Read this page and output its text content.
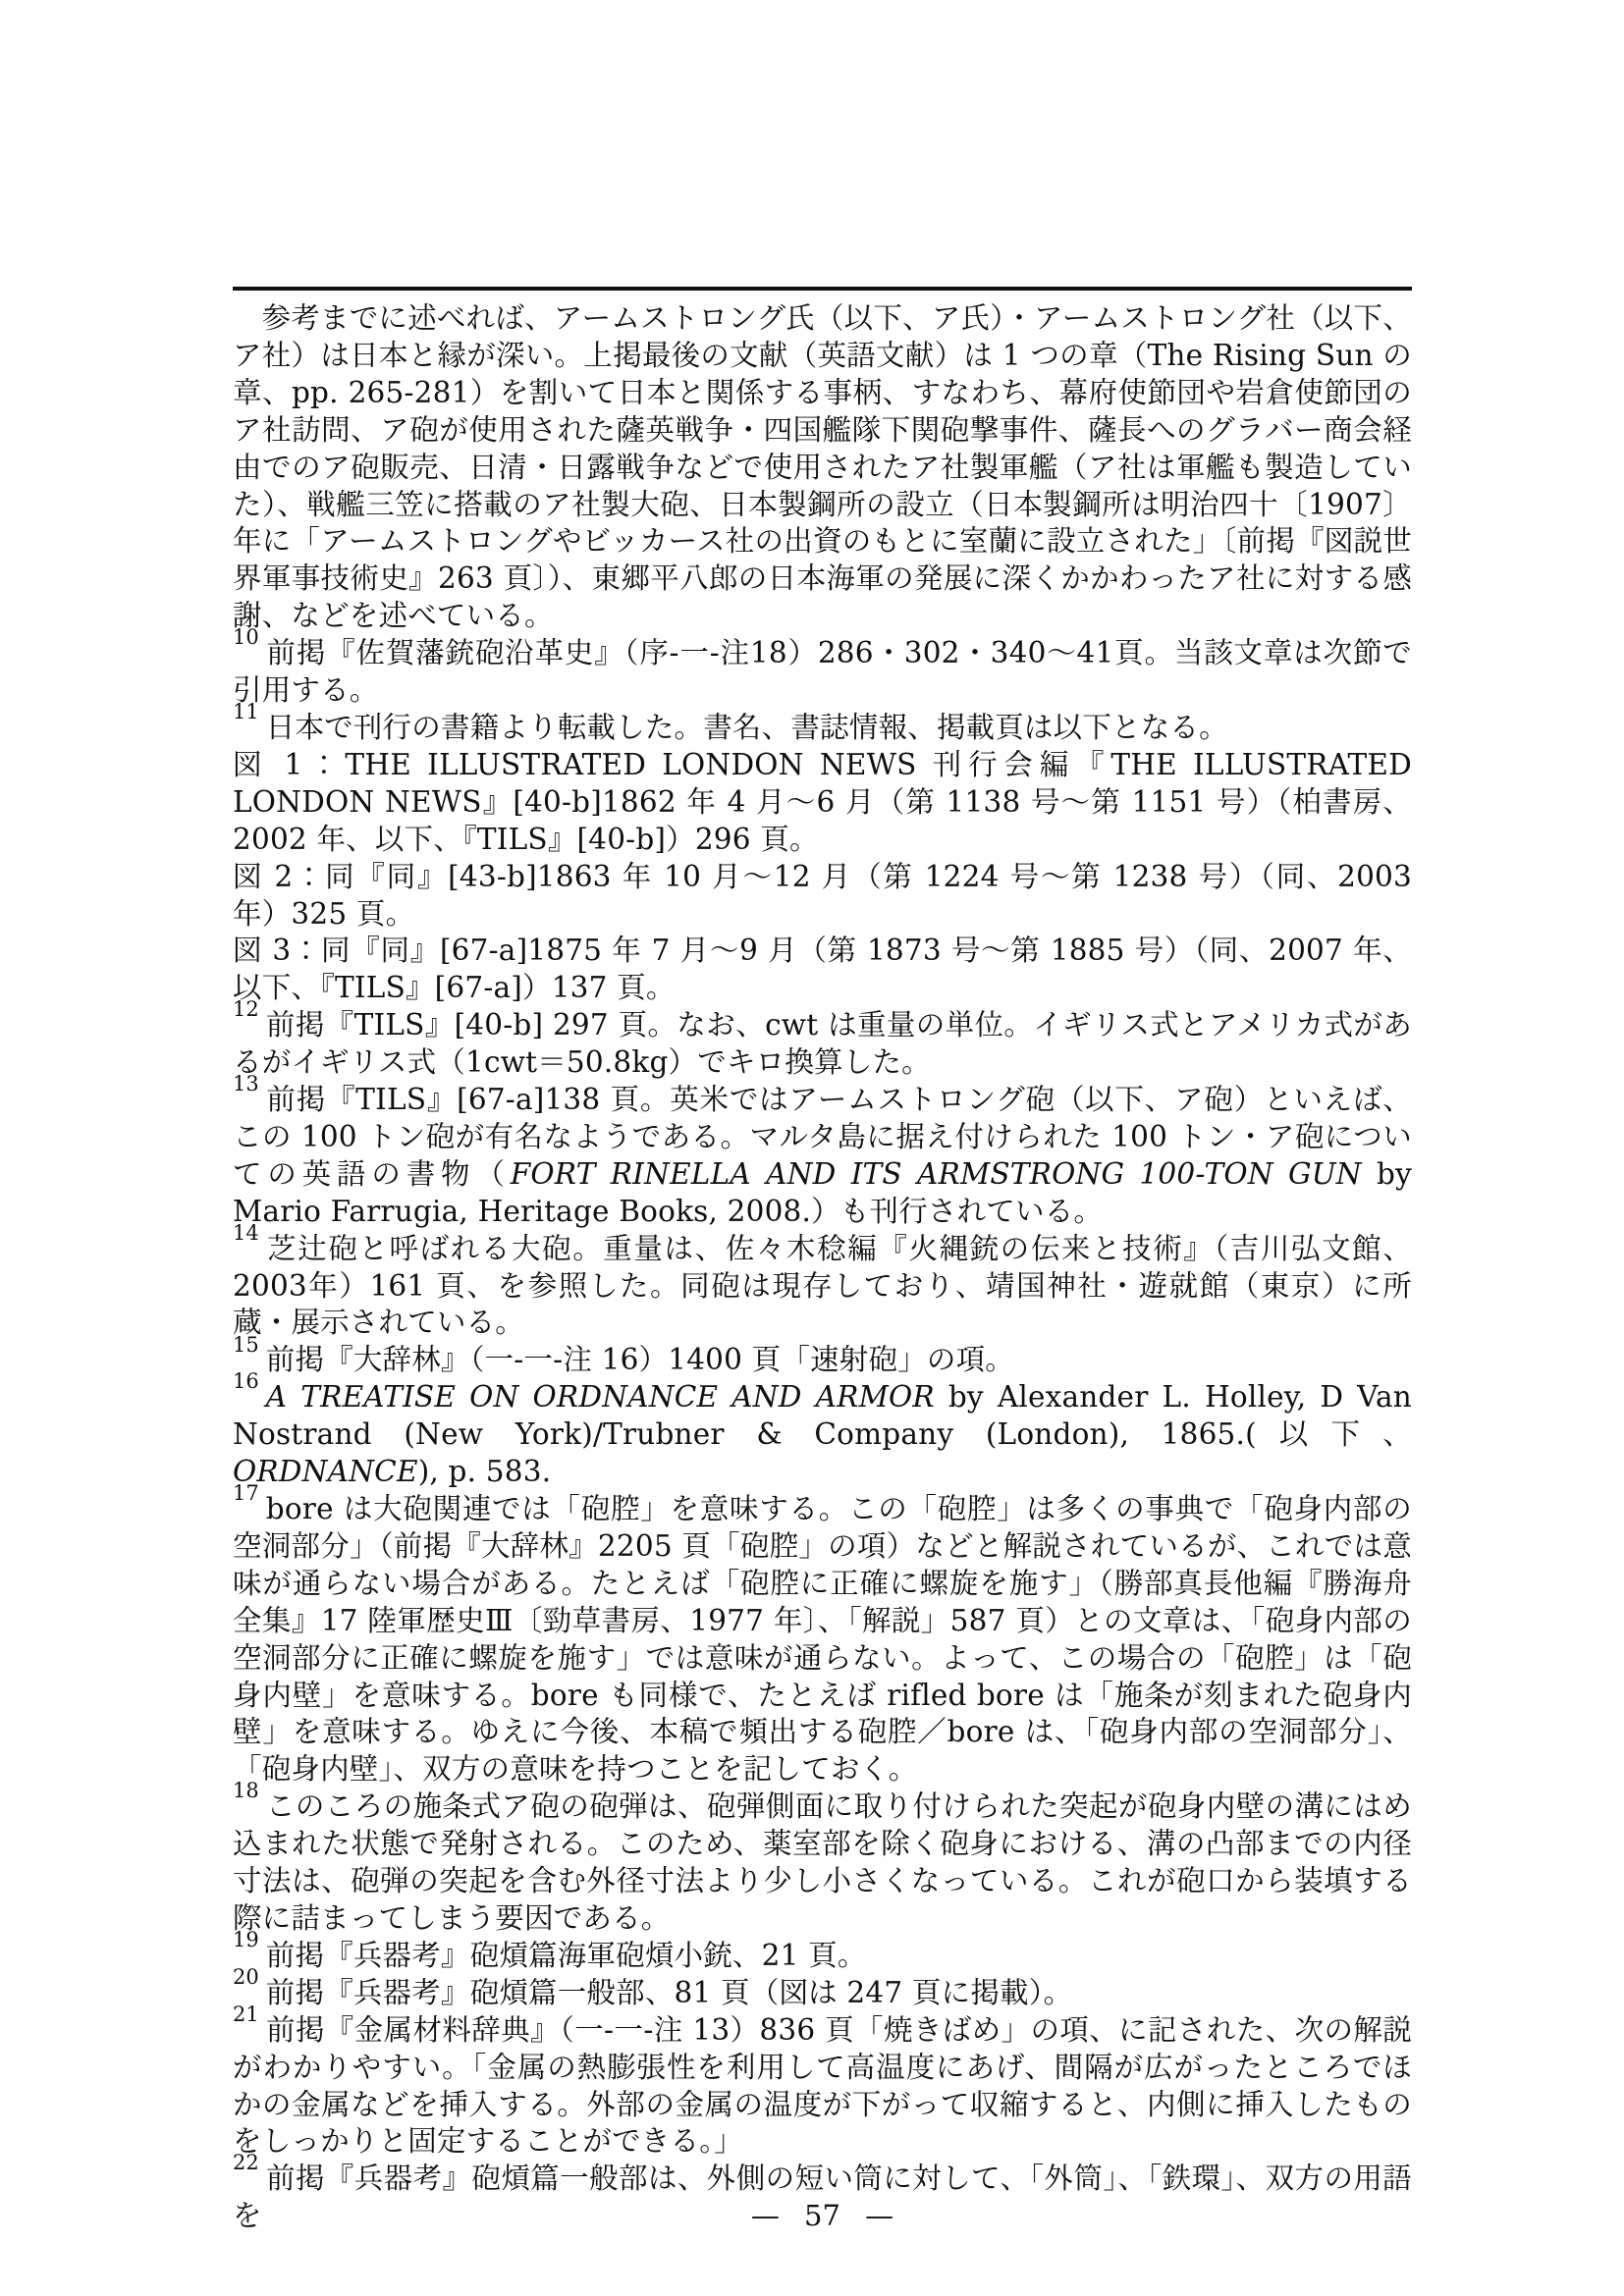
参考までに述べれば、アームストロング氏（以下、ア氏）・アームストロング社（以下、ア社）は日本と縁が深い。上掲最後の文献（英語文献）は 1 つの章（The Rising Sun の章、pp. 265-281）を割いて日本と関係する事柄、すなわち、幕府使節団や岩倉使節団のア社訪問、ア砲が使用された薩英戦争・四国艦隊下関砲撃事件、薩長へのグラバー商会経由でのア砲販売、日清・日露戦争などで使用されたア社製軍艦（ア社は軍艦も製造していた）、戦艦三笠に搭載のア社製大砲、日本製鋼所の設立（日本製鋼所は明治四十〔1907〕年に「アームストロングやビッカース社の出資のもとに室蘭に設立された」〔前掲『図説世界軍事技術史』263 頁〕）、東郷平八郎の日本海軍の発展に深くかかわったア社に対する感謝、などを述べている。
$^{10}$ 前掲『佐賀藩銃砲沿革史』（序-一-注18）286・302・340～41頁。当該文章は次節で引用する。
$^{11}$ 日本で刊行の書籍より転載した。書名、書誌情報、掲載頁は以下となる。
図 1：THE ILLUSTRATED LONDON NEWS 刊行会編『THE ILLUSTRATED LONDON NEWS』[40-b]1862 年 4 月～6 月（第 1138 号～第 1151 号）（柏書房、2002 年、以下、『TILS』[40-b]）296 頁。
図 2：同『同』[43-b]1863 年 10 月～12 月（第 1224 号～第 1238 号）（同、2003 年）325 頁。
図 3：同『同』[67-a]1875 年 7 月～9 月（第 1873 号～第 1885 号）（同、2007 年、以下、『TILS』[67-a]）137 頁。
$^{12}$ 前掲『TILS』[40-b] 297 頁。なお、cwt は重量の単位。イギリス式とアメリカ式があるがイギリス式（1cwt＝50.8kg）でキロ換算した。
$^{13}$ 前掲『TILS』[67-a]138 頁。英米ではアームストロング砲（以下、ア砲）といえば、この 100 トン砲が有名なようである。マルタ島に据え付けられた 100 トン・ア砲についての英語の書物（FORT RINELLA AND ITS ARMSTRONG 100-TON GUN by Mario Farrugia, Heritage Books, 2008.）も刊行されている。
$^{14}$ 芝辻砲と呼ばれる大砲。重量は、佐々木稔編『火縄銃の伝来と技術』（吉川弘文館、2003年）161 頁、を参照した。同砲は現存しており、靖国神社・遊就館（東京）に所蔵・展示されている。
$^{15}$ 前掲『大辞林』（一-一-注 16）1400 頁「速射砲」の項。
$^{16}$ A TREATISE ON ORDNANCE AND ARMOR by Alexander L. Holley, D Van Nostrand (New York)/Trubner & Company (London), 1865.(以下、ORDNANCE), p. 583.
$^{17}$ bore は大砲関連では「砲腔」を意味する。この「砲腔」は多くの事典で「砲身内部の空洞部分」（前掲『大辞林』2205 頁「砲腔」の項）などと解説されているが、これでは意味が通らない場合がある。たとえば「砲腔に正確に螺旋を施す」（勝部真長他編『勝海舟全集』17 陸軍歴史Ⅲ〔勁草書房、1977 年〕、「解説」587 頁）との文章は、「砲身内部の空洞部分に正確に螺旋を施す」では意味が通らない。よって、この場合の「砲腔」は「砲身内壁」を意味する。bore も同様で、たとえば rifled bore は「施条が刻まれた砲身内壁」を意味する。ゆえに今後、本稿で頻出する砲腔／bore は、「砲身内部の空洞部分」、「砲身内壁」、双方の意味を持つことを記しておく。
$^{18}$ このころの施条式ア砲の砲弾は、砲弾側面に取り付けられた突起が砲身内壁の溝にはめ込まれた状態で発射される。このため、薬室部を除く砲身における、溝の凸部までの内径寸法は、砲弾の突起を含む外径寸法より少し小さくなっている。これが砲口から装填する際に詰まってしまう要因である。
$^{19}$ 前掲『兵器考』砲熕篇海軍砲熕小銃、21 頁。
$^{20}$ 前掲『兵器考』砲熕篇一般部、81 頁（図は 247 頁に掲載）。
$^{21}$ 前掲『金属材料辞典』（一-一-注 13）836 頁「焼きばめ」の項、に記された、次の解説がわかりやすい。「金属の熱膨張性を利用して高温度にあげ、間隔が広がったところでほかの金属などを挿入する。外部の金属の温度が下がって収縮すると、内側に挿入したものをしっかりと固定することができる。」
$^{22}$ 前掲『兵器考』砲熕篇一般部は、外側の短い筒に対して、「外筒」、「鉄環」、双方の用語を	— 57 —
